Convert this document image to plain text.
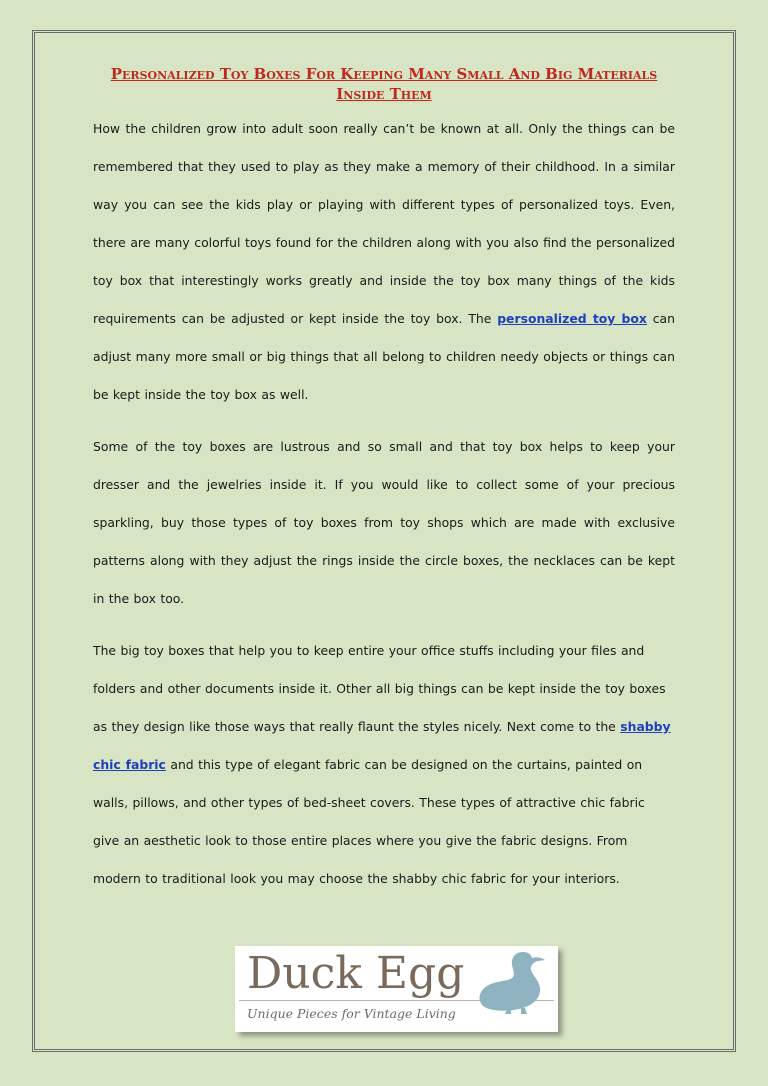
Personalized Toy Boxes For Keeping Many Small And Big Materials Inside Them

How the children grow into adult soon really can’t be known at all. Only the things can be remembered that they used to play as they make a memory of their childhood. In a similar way you can see the kids play or playing with different types of personalized toys. Even, there are many colorful toys found for the children along with you also find the personalized toy box that interestingly works greatly and inside the toy box many things of the kids requirements can be adjusted or kept inside the toy box. The personalized toy box can adjust many more small or big things that all belong to children needy objects or things can be kept inside the toy box as well.

Some of the toy boxes are lustrous and so small and that toy box helps to keep your dresser and the jewelries inside it. If you would like to collect some of your precious sparkling, buy those types of toy boxes from toy shops which are made with exclusive patterns along with they adjust the rings inside the circle boxes, the necklaces can be kept in the box too.

The big toy boxes that help you to keep entire your office stuffs including your files and folders and other documents inside it. Other all big things can be kept inside the toy boxes as they design like those ways that really flaunt the styles nicely. Next come to the shabby chic fabric and this type of elegant fabric can be designed on the curtains, painted on walls, pillows, and other types of bed-sheet covers. These types of attractive chic fabric give an aesthetic look to those entire places where you give the fabric designs. From modern to traditional look you may choose the shabby chic fabric for your interiors.

Duck Egg
Unique Pieces for Vintage Living
